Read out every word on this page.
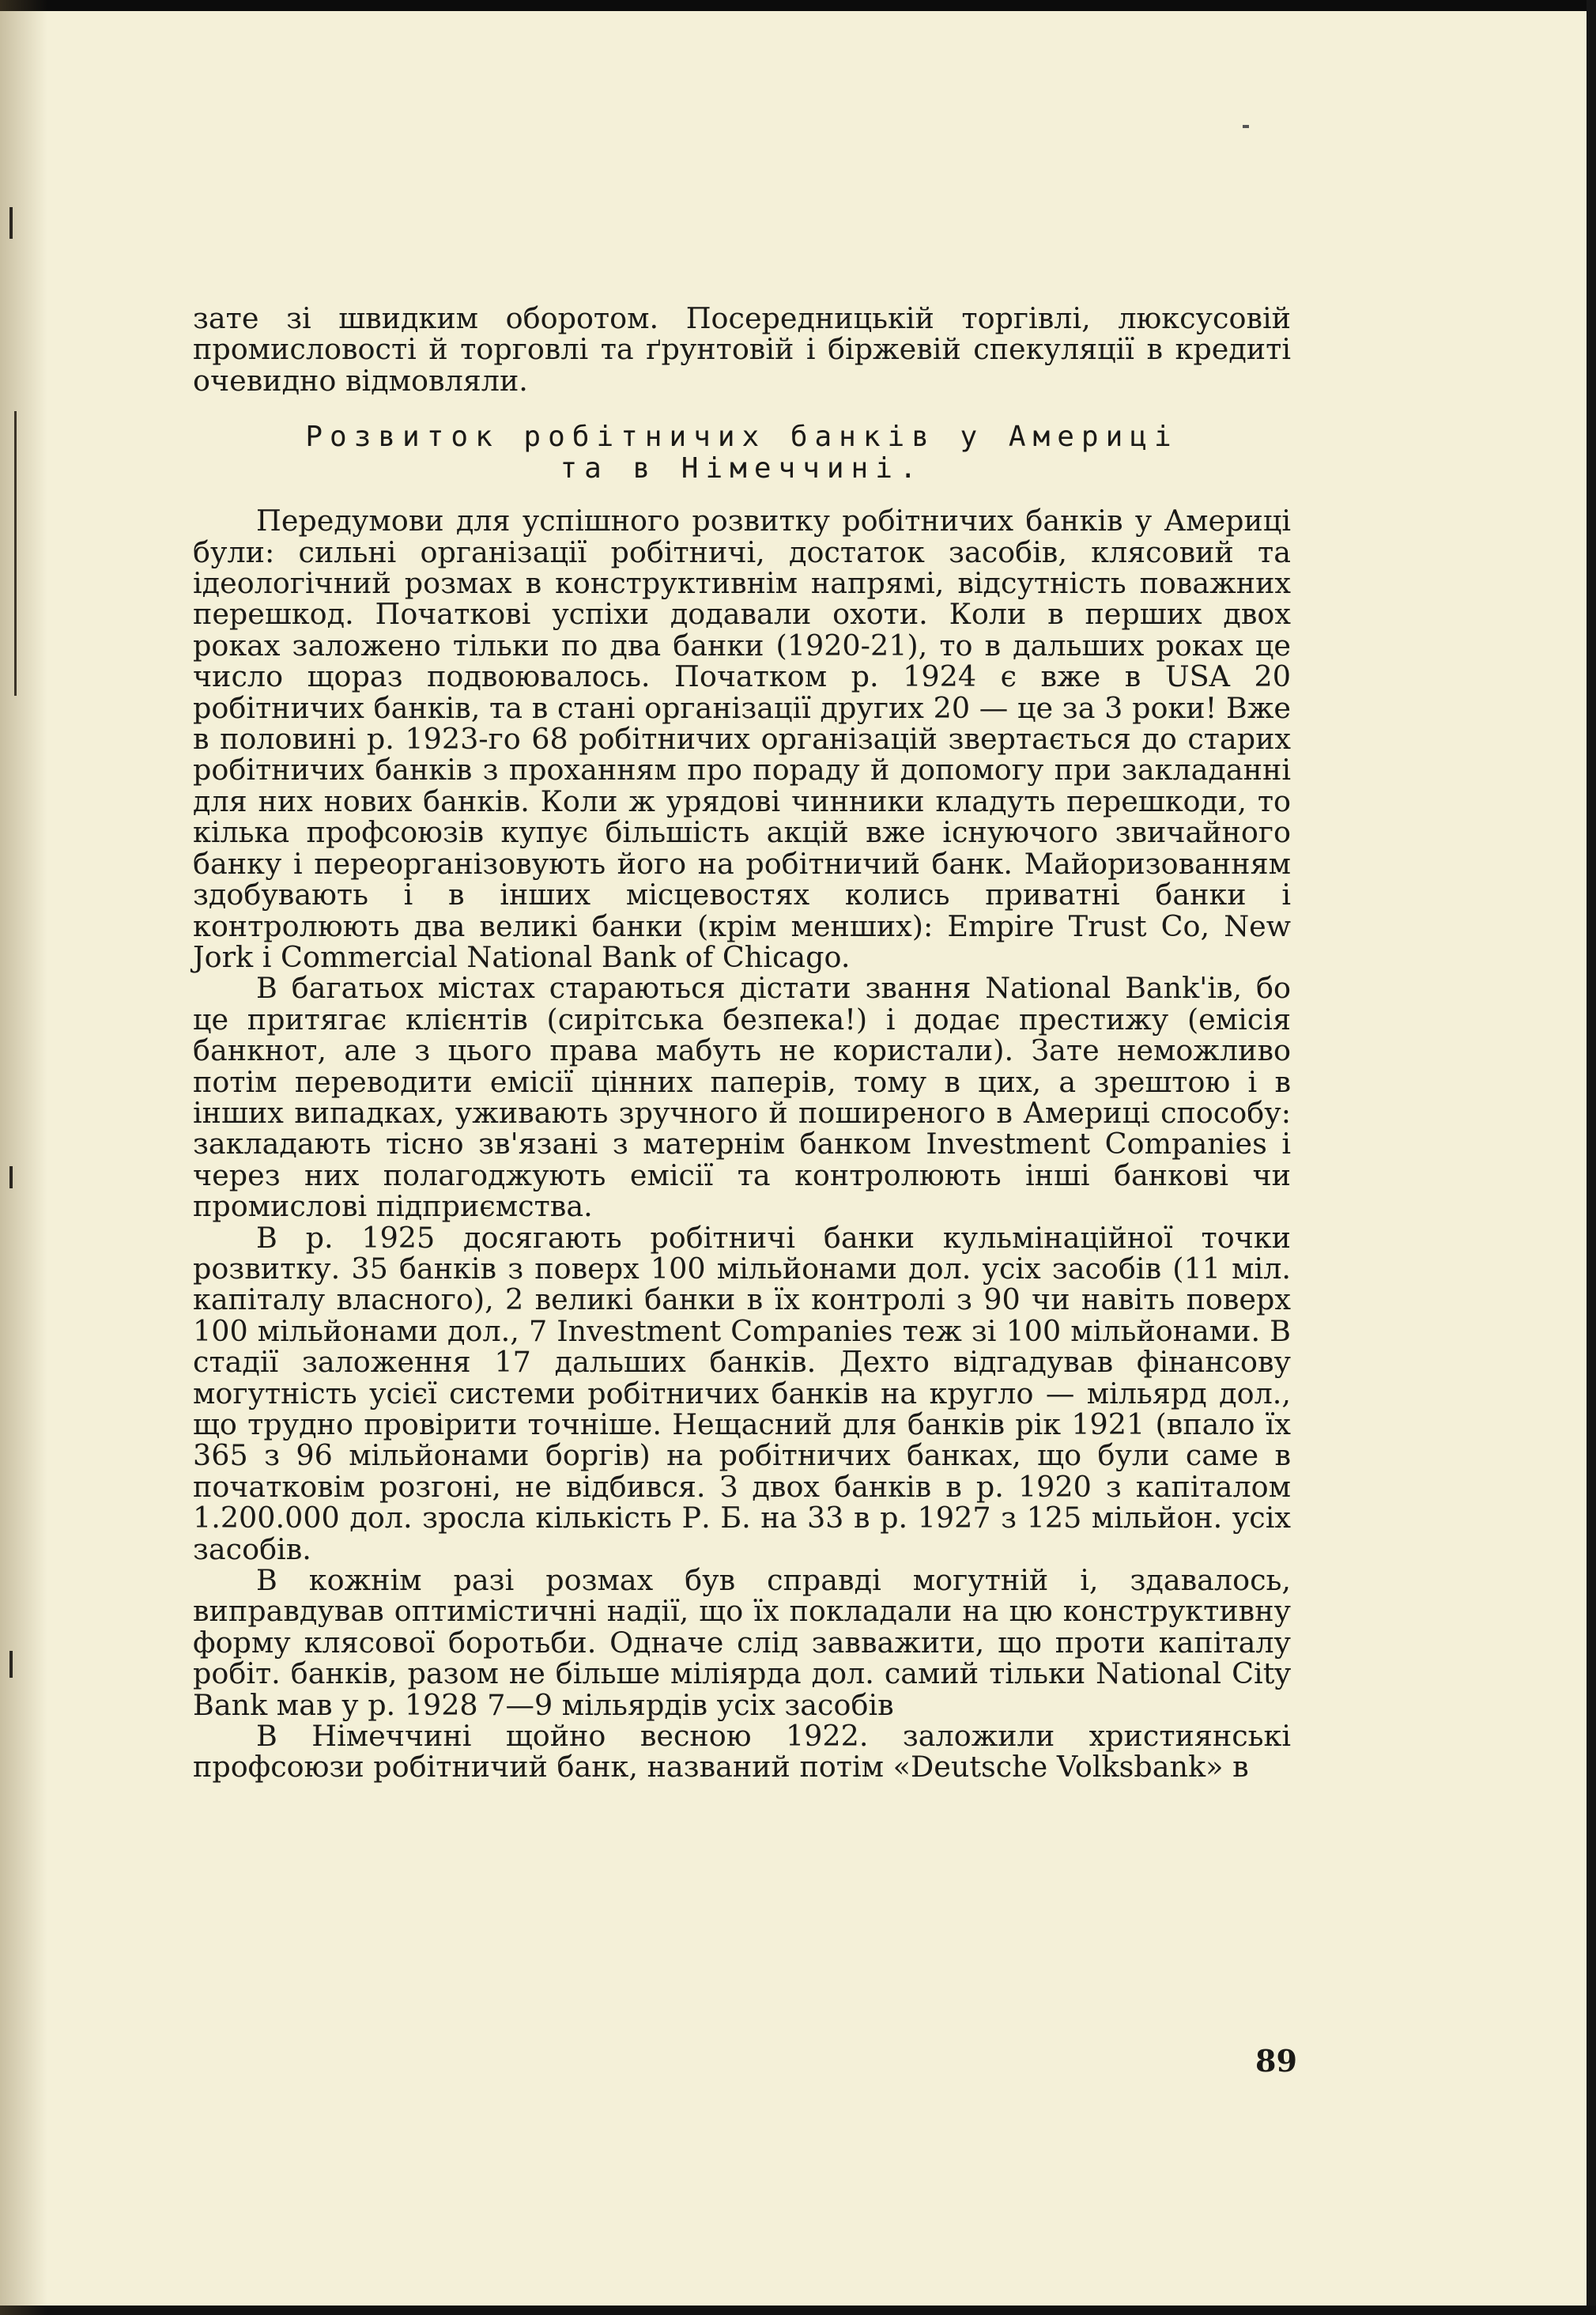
зате зі швидким оборотом. Посередницькій торгівлі, люксусовій промисловості й торговлі та ґрунтовій і біржевій спекуляції в кредиті очевидно відмовляли.

Розвиток робітничих банків у Америці
та в Німеччині.

Передумови для успішного розвитку робітничих банків у Америці були: сильні організації робітничі, достаток засобів, клясовий та ідеологічний розмах в конструктивнім напрямі, відсутність поважних перешкод. Початкові успіхи додавали охоти. Коли в перших двох роках заложено тільки по два банки (1920-21), то в дальших роках це число щораз подвоювалось. Початком р. 1924 є вже в USA 20 робітничих банків, та в стані організації других 20 — це за 3 роки! Вже в половині р. 1923-го 68 робітничих організацій звертається до старих робітничих банків з проханням про пораду й допомогу при закладанні для них нових банків. Коли ж урядові чинники кладуть перешкоди, то кілька профсоюзів купує більшість акцій вже існуючого звичайного банку і переорганізовують його на робітничий банк. Майоризованням здобувають і в інших місцевостях колись приватні банки і контролюють два великі банки (крім менших): Empire Trust Co, New Jork і Commercial National Bank of Chicago.

В багатьох містах стараються дістати звання National Bank'ів, бо це притягає клієнтів (сирітська безпека!) і додає престижу (емісія банкнот, але з цього права мабуть не користали). Зате неможливо потім переводити емісії цінних паперів, тому в цих, а зрештою і в інших випадках, уживають зручного й поширеного в Америці способу: закладають тісно зв'язані з матернім банком Investment Companies і через них полагоджують емісії та контролюють інші банкові чи промислові підприємства.

В р. 1925 досягають робітничі банки кульмінаційної точки розвитку. 35 банків з поверх 100 мільйонами дол. усіх засобів (11 міл. капіталу власного), 2 великі банки в їх контролі з 90 чи навіть поверх 100 мільйонами дол., 7 Investment Companies теж зі 100 мільйонами. В стадії заложення 17 дальших банків. Дехто відгадував фінансову могутність усієї системи робітничих банків на кругло — мільярд дол., що трудно провірити точніше. Нещасний для банків рік 1921 (впало їх 365 з 96 мільйонами боргів) на робітничих банках, що були саме в початковім розгоні, не відбився. З двох банків в р. 1920 з капіталом 1.200.000 дол. зросла кількість Р. Б. на 33 в р. 1927 з 125 мільйон. усіх засобів.

В кожнім разі розмах був справді могутній і, здавалось, виправдував оптимістичні надії, що їх покладали на цю конструктивну форму клясової боротьби. Одначе слід завважити, що проти капіталу робіт. банків, разом не більше міліярда дол. самий тільки National City Bank мав у р. 1928 7—9 мільярдів усіх засобів

В Німеччині щойно весною 1922. заложили християнські профсоюзи робітничий банк, названий потім «Deutsche Volksbank» в

89
